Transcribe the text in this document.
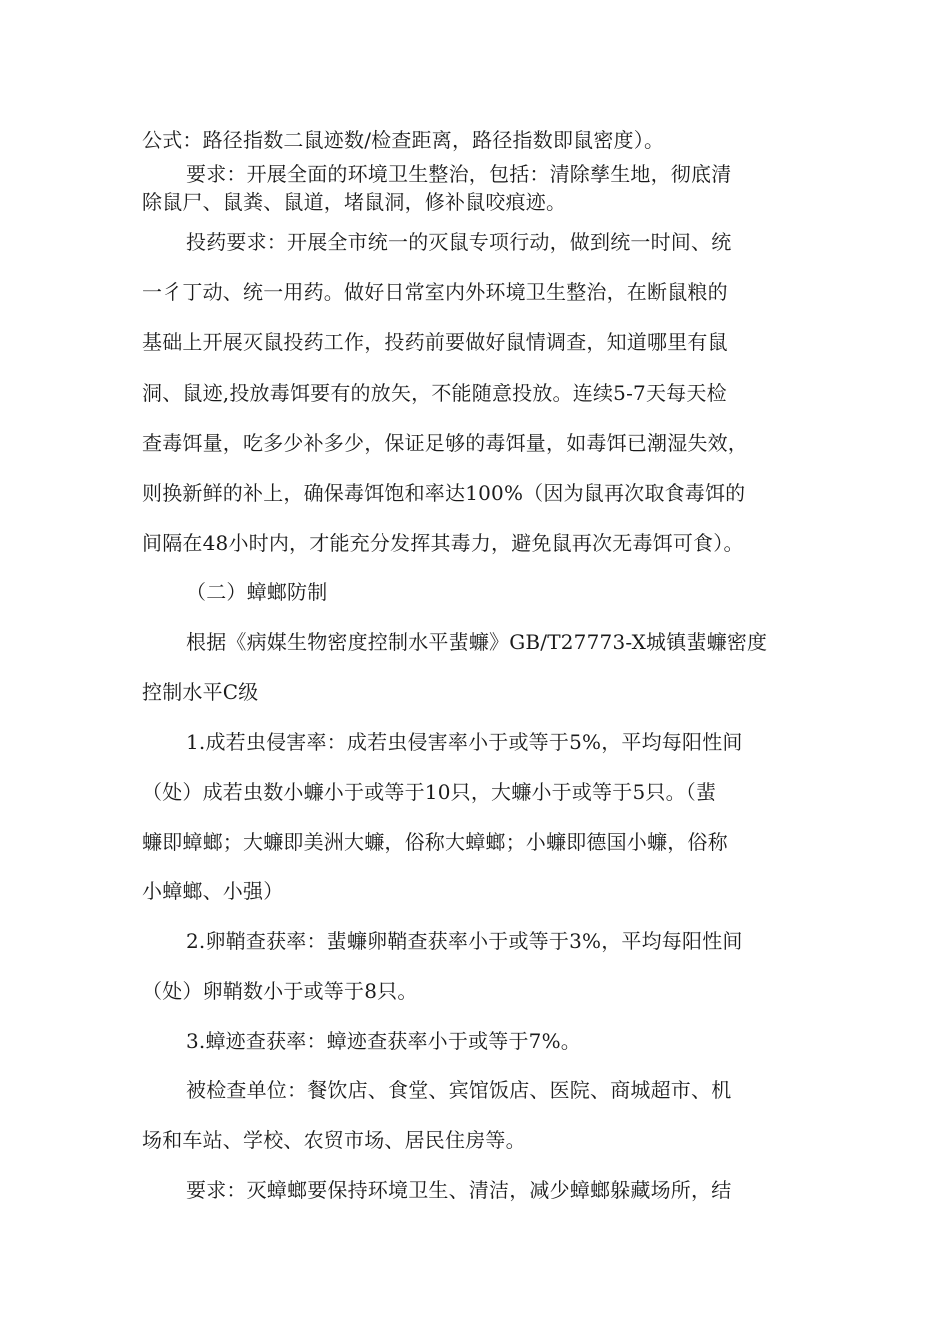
公式：路径指数二鼠迹数/检查距离，路径指数即鼠密度）。
要求：开展全面的环境卫生整治，包括：清除孳生地，彻底清
除鼠尸、鼠粪、鼠道，堵鼠洞，修补鼠咬痕迹。
投药要求：开展全市统一的灭鼠专项行动，做到统一时间、统
一彳丁动、统一用药。做好日常室内外环境卫生整治，在断鼠粮的
基础上开展灭鼠投药工作，投药前要做好鼠情调查，知道哪里有鼠
洞、鼠迹,投放毒饵要有的放矢，不能随意投放。连续5-7天每天检
查毒饵量，吃多少补多少，保证足够的毒饵量，如毒饵已潮湿失效，
则换新鲜的补上，确保毒饵饱和率达100%（因为鼠再次取食毒饵的
间隔在48小时内，才能充分发挥其毒力，避免鼠再次无毒饵可食）。
（二）蟑螂防制
根据《病媒生物密度控制水平蜚蠊》GB/T27773-X城镇蜚蠊密度
控制水平C级
1.成若虫侵害率：成若虫侵害率小于或等于5%，平均每阳性间
（处）成若虫数小蠊小于或等于10只，大蠊小于或等于5只。（蜚
蠊即蟑螂；大蠊即美洲大蠊，俗称大蟑螂；小蠊即德国小蠊，俗称
小蟑螂、小强）
2.卵鞘查获率：蜚蠊卵鞘查获率小于或等于3%，平均每阳性间
（处）卵鞘数小于或等于8只。
3.蟑迹查获率：蟑迹查获率小于或等于7%。
被检查单位：餐饮店、食堂、宾馆饭店、医院、商城超市、机
场和车站、学校、农贸市场、居民住房等。
要求：灭蟑螂要保持环境卫生、清洁，减少蟑螂躲藏场所，结
